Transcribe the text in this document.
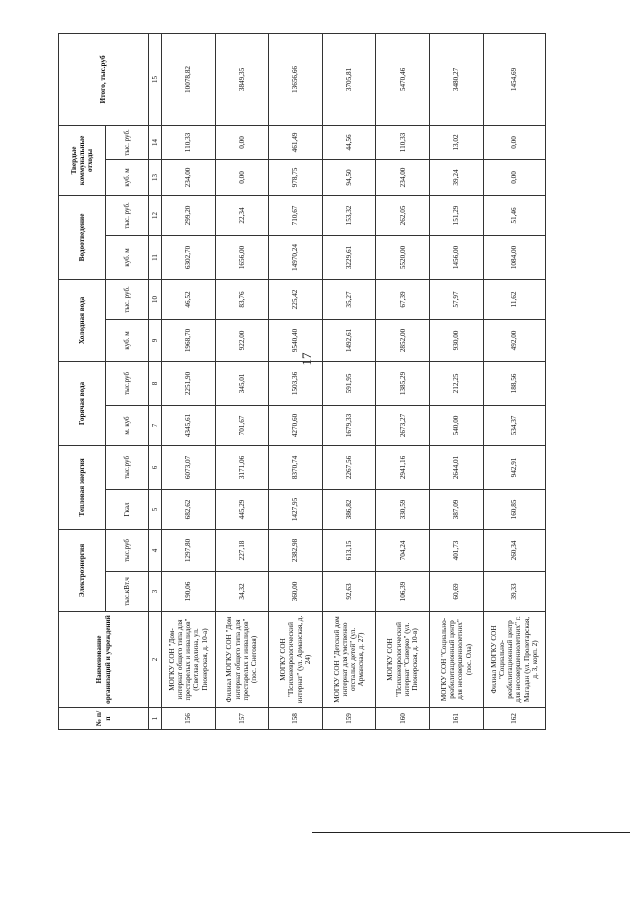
17
№ п/п	Наименование организаций и учреждений	Электроэнергия		Тепловая энергия		Горячая вода		Холодная вода		Водоотведение		Твердые коммунальные отходы		Итого, тыс.руб
		тыс.кВт.ч	тыс.руб	Гкал	тыс.руб	м. куб	тыс.руб	куб. м	тыс. руб.	куб. м	тыс. руб.	куб. м	тыс. руб.	
1	2	3	4	5	6	7	8	9	10	11	12	13	14	15
156	МОГКУ СОН "Дом-интернат общего типа для престарелых и инвалидов" (Светлая долина, ул. Пионерская, д. 10-а)	190,06	1297,80	682,62	6073,07	4345,61	2251,90	1968,70	46,52	6302,70	299,20	234,00	110,33	10078,82
157	Филиал МОГКУ СОН "Дом интернат общего типа для престарелых и инвалидов" (пос. Снеговая)	34,32	227,18	445,29	3171,06	701,67	345,01	922,00	83,76	1656,00	22,34	0,00	0,00	3849,35
158	МОГКУ СОН "Психоневрологический интернат" (ул. Арманская, д. 24)	360,00	2382,98	1427,95	8370,74	4270,60	1503,36	9540,40	225,42	14970,24	710,67	978,75	461,49	13656,66
159	МОГКУ СОН "Детский дом интернат для умственно отсталых детей" (ул. Арманская, д. 27)	92,63	613,15	386,82	2267,56	1679,33	591,95	1492,61	35,27	3229,61	153,32	94,50	44,56	3705,81
160	МОГКУ СОН "Психоневрологический интернат "Сиверко" (ул. Пионерская, д. 10-в)	106,39	704,24	330,59	2941,16	2673,27	1385,29	2852,00	67,39	5520,00	262,05	234,00	110,33	5470,46
161	МОГКУ СОН "Социально-реабилитационный центр для несовершеннолетних" (пос. Ола)	60,69	401,73	387,09	2644,01	540,00	212,25	930,00	57,97	1456,00	151,29	39,24	13,02	3480,27
162	Филиал МОГКУ СОН "Социально-реабилитационный центр для несовершеннолетних" г. Магадан (ул. Пролетарская, д. 3, корп. 2)	39,33	260,34	160,85	942,91	534,37	188,56	492,00	11,62	1084,00	51,46	0,00	0,00	1454,69
